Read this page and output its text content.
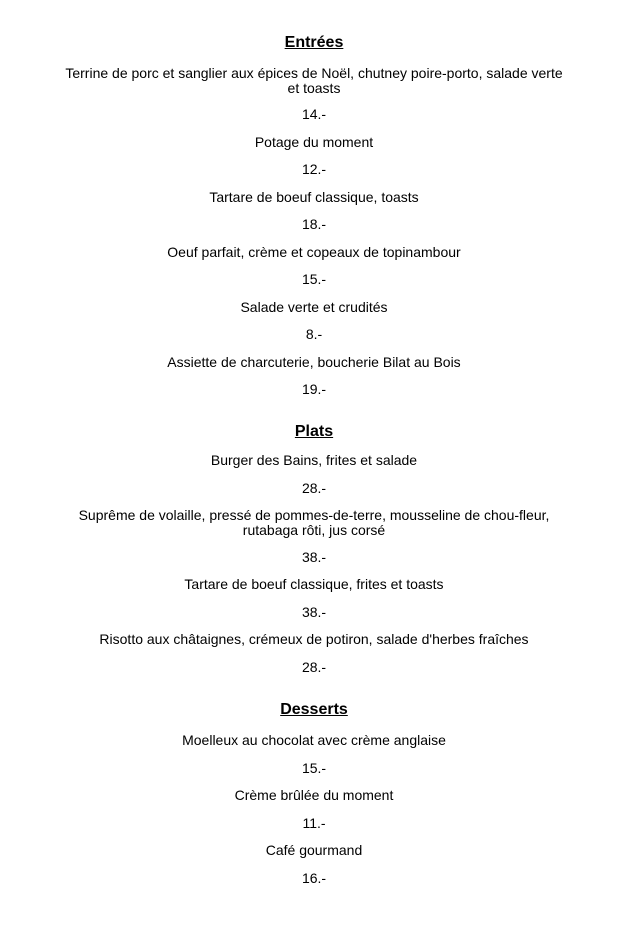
Entrées
Terrine de porc et sanglier aux épices de Noël, chutney poire-porto, salade verte et toasts
14.-
Potage du moment
12.-
Tartare de boeuf classique, toasts
18.-
Oeuf parfait, crème et copeaux de topinambour
15.-
Salade verte et crudités
8.-
Assiette de charcuterie, boucherie Bilat au Bois
19.-
Plats
Burger des Bains, frites et salade
28.-
Suprême de volaille, pressé de pommes-de-terre, mousseline de chou-fleur, rutabaga rôti, jus corsé
38.-
Tartare de boeuf classique, frites et toasts
38.-
Risotto aux châtaignes, crémeux de potiron, salade d'herbes fraîches
28.-
Desserts
Moelleux au chocolat avec crème anglaise
15.-
Crème brûlée du moment
11.-
Café gourmand
16.-
